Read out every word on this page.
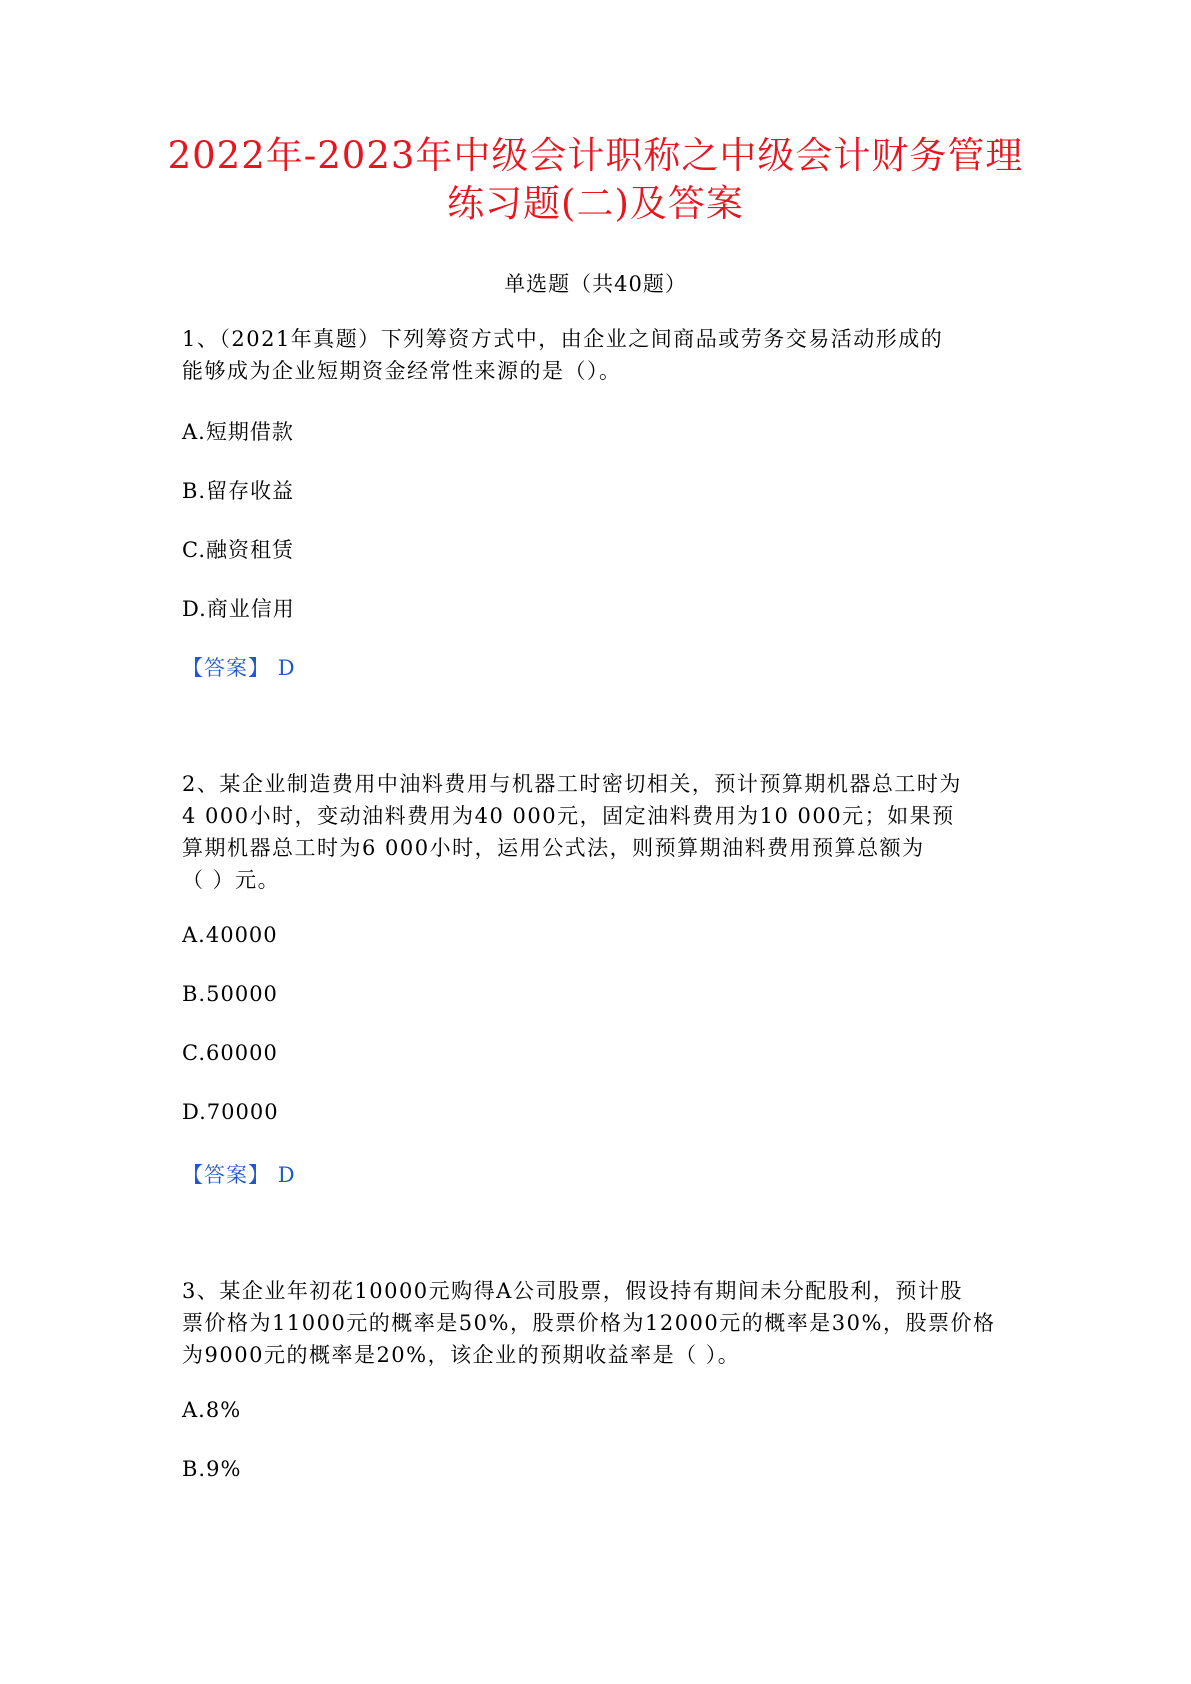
2022年-2023年中级会计职称之中级会计财务管理
练习题(二)及答案
单选题（共40题）
1、（2021年真题）下列筹资方式中，由企业之间商品或劳务交易活动形成的
能够成为企业短期资金经常性来源的是（）。
A.短期借款
B.留存收益
C.融资租赁
D.商业信用
【答案】 D
2、某企业制造费用中油料费用与机器工时密切相关，预计预算期机器总工时为
4 000小时，变动油料费用为40 000元，固定油料费用为10 000元；如果预
算期机器总工时为6 000小时，运用公式法，则预算期油料费用预算总额为
（ ）元。
A.40000
B.50000
C.60000
D.70000
【答案】 D
3、某企业年初花10000元购得A公司股票，假设持有期间未分配股利，预计股
票价格为11000元的概率是50%，股票价格为12000元的概率是30%，股票价格
为9000元的概率是20%，该企业的预期收益率是（ ）。
A.8%
B.9%
